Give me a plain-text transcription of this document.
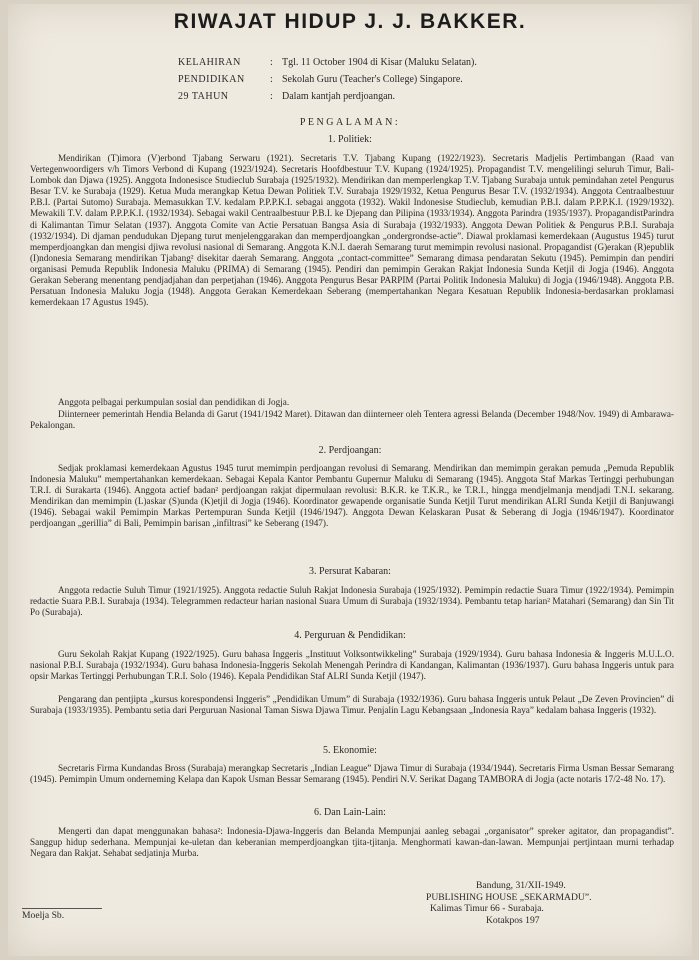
RIWAJAT HIDUP J. J. BAKKER.
KELAHIRAN	: Tgl. 11 October 1904 di Kisar (Maluku Selatan).
PENDIDIKAN	: Sekolah Guru (Teacher's College) Singapore.
29 TAHUN	: Dalam kantjah perdjoangan.
PENGALAMAN:
1. Politiek:

Mendirikan (T)imora (V)erbond Tjabang Serwaru (1921). Secretaris T.V. Tjabang Kupang (1922/1923). Secretaris Madjelis Pertimbangan (Raad van Vertegenwoordigers v/h Timors Verbond di Kupang (1923/1924). Secretaris Hoofdbestuur T.V. Kupang (1924/1925). Propagandist T.V. mengelilingi seluruh Timur, Bali-Lombok dan Djawa (1925). Anggota Indonesisce Studieclub Surabaja (1925/1932). Mendirikan dan memperlengkap T.V. Tjabang Surabaja untuk pemindahan zetel Pengurus Besar T.V. ke Surabaja (1929). Ketua Muda merangkap Ketua Dewan Politiek T.V. Surabaja 1929/1932, Ketua Pengurus Besar T.V. (1932/1934). Anggota Centraalbestuur P.B.I. (Partai Sutomo) Surabaja. Memasukkan T.V. kedalam P.P.P.K.I. sebagai anggota (1932). Wakil Indonesise Studieclub, kemudian P.B.I. dalam P.P.P.K.I. (1929/1932). Mewakili T.V. dalam P.P.P.K.I. (1932/1934). Sebagai wakil Centraalbestuur P.B.I. ke Djepang dan Pilipina (1933/1934). Anggota Parindra (1935/1937). PropagandistParindra di Kalimantan Timur Selatan (1937). Anggota Comite van Actie Persatuan Bangsa Asia di Surabaja (1932/1933). Anggota Dewan Politiek & Pengurus P.B.I. Surabaja (1932/1934). Di djaman pendudukan Djepang turut menjelenggarakan dan memperdjoangkan „ondergrondse-actie”. Diawal proklamasi kemerdekaan (Augustus 1945) turut memperdjoangkan dan mengisi djiwa revolusi nasional di Semarang. Anggota K.N.I. daerah Semarang turut memimpin revolusi nasional. Propagandist (G)erakan (R)epublik (I)ndonesia Semarang mendirikan Tjabang² disekitar daerah Semarang. Anggota „contact-committee” Semarang dimasa pendaratan Sekutu (1945). Pemimpin dan pendiri organisasi Pemuda Republik Indonesia Maluku (PRIMA) di Semarang (1945). Pendiri dan pemimpin Gerakan Rakjat Indonesia Sunda Ketjil di Jogja (1946). Anggota Gerakan Seberang menentang pendjadjahan dan perpetjahan (1946). Anggota Pengurus Besar PARPIM (Partai Politik Indonesia Maluku) di Jogja (1946/1948). Anggota P.B. Persatuan Indonesia Maluku Jogja (1948). Anggota Gerakan Kemerdekaan Seberang (mempertahankan Negara Kesatuan Republik Indonesia-berdasarkan proklamasi kemerdekaan 17 Agustus 1945).

Anggota pelbagai perkumpulan sosial dan pendidikan di Jogja.

Diinterneer pemerintah Hendia Belanda di Garut (1941/1942 Maret). Ditawan dan diinterneer oleh Tentera agressi Belanda (December 1948/Nov. 1949) di Ambarawa-Pekalongan.

2. Perdjoangan:

Sedjak proklamasi kemerdekaan Agustus 1945 turut memimpin perdjoangan revolusi di Semarang. Mendirikan dan memimpin gerakan pemuda „Pemuda Republik Indonesia Maluku” mempertahankan kemerdekaan. Sebagai Kepala Kantor Pembantu Gupernur Maluku di Semarang (1945). Anggota Staf Markas Tertinggi perhubungan T.R.I. di Surakarta (1946). Anggota actief badan² perdjoangan rakjat dipermulaan revolusi: B.K.R. ke T.K.R., ke T.R.I., hingga mendjelmanja mendjadi T.N.I. sekarang. Mendirikan dan memimpin (L)askar (S)unda (K)etjil di Jogja (1946). Koordinator gewapende organisatie Sunda Ketjil Turut mendirikan ALRI Sunda Ketjil di Banjuwangi (1946). Sebagai wakil Pemimpin Markas Pertempuran Sunda Ketjil (1946/1947). Anggota Dewan Kelaskaran Pusat & Seberang di Jogja (1946/1947). Koordinator perdjoangan „gerillia” di Bali, Pemimpin barisan „infiltrasi” ke Seberang (1947).

3. Persurat Kabaran:

Anggota redactie Suluh Timur (1921/1925). Anggota redactie Suluh Rakjat Indonesia Surabaja (1925/1932). Pemimpin redactie Suara Timur (1922/1934). Pemimpin redactie Suara P.B.I. Surabaja (1934). Telegrammen redacteur harian nasional Suara Umum di Surabaja (1932/1934). Pembantu tetap harian² Matahari (Semarang) dan Sin Tit Po (Surabaja).

4. Perguruan & Pendidikan:

Guru Sekolah Rakjat Kupang (1922/1925). Guru bahasa Inggeris „Instituut Volksontwikkeling” Surabaja (1929/1934). Guru bahasa Indonesia & Inggeris M.U.L.O. nasional P.B.I. Surabaja (1932/1934). Guru bahasa Indonesia-Inggeris Sekolah Menengah Perindra di Kandangan, Kalimantan (1936/1937). Guru bahasa Inggeris untuk para opsir Markas Tertinggi Perhubungan T.R.I. Solo (1946). Kepala Pendidikan Staf ALRI Sunda Ketjil (1947).

Pengarang dan pentjipta „kursus korespondensi Inggeris” „Pendidikan Umum” di Surabaja (1932/1936). Guru bahasa Inggeris untuk Pelaut „De Zeven Provincien” di Surabaja (1933/1935). Pembantu setia dari Perguruan Nasional Taman Siswa Djawa Timur. Penjalin Lagu Kebangsaan „Indonesia Raya” kedalam bahasa Inggeris (1932).

5. Ekonomie:

Secretaris Firma Kundandas Bross (Surabaja) merangkap Secretaris „Indian League” Djawa Timur di Surabaja (1934/1944). Secretaris Firma Usman Bessar Semarang (1945). Pemimpin Umum onderneming Kelapa dan Kapok Usman Bessar Semarang (1945). Pendiri N.V. Serikat Dagang TAMBORA di Jogja (acte notaris 17/2-48 No. 17).

6. Dan Lain-Lain:

Mengerti dan dapat menggunakan bahasa²: Indonesia-Djawa-Inggeris dan Belanda Mempunjai aanleg sebagai „organisator” spreker agitator, dan propagandist”. Sanggup hidup sederhana. Mempunjai ke-uletan dan keberanian memperdjoangkan tjita-tjitanja. Menghormati kawan-dan-lawan. Mempunjai pertjintaan murni terhadap Negara dan Rakjat. Sehabat sedjatinja Murba.

Bandung, 31/XII-1949.
PUBLISHING HOUSE „SEKARMADU”.
Kalimas Timur 66 - Surabaja.
Kotakpos 197
Moelja Sb.
